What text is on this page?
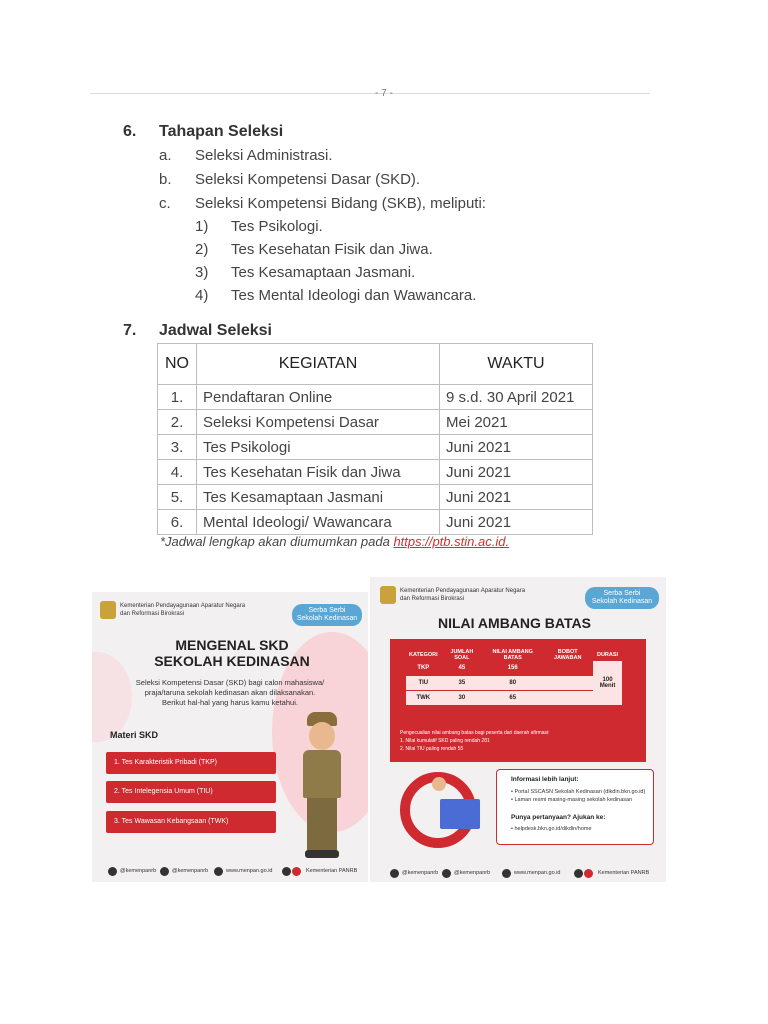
- 7 -
6. Tahapan Seleksi
a. Seleksi Administrasi.
b. Seleksi Kompetensi Dasar (SKD).
c. Seleksi Kompetensi Bidang (SKB), meliputi:
1) Tes Psikologi.
2) Tes Kesehatan Fisik dan Jiwa.
3) Tes Kesamaptaan Jasmani.
4) Tes Mental Ideologi dan Wawancara.
7. Jadwal Seleksi
NO	KEGIATAN	WAKTU
1.	Pendaftaran Online	9 s.d. 30 April 2021
2.	Seleksi Kompetensi Dasar	Mei 2021
3.	Tes Psikologi	Juni 2021
4.	Tes Kesehatan Fisik dan Jiwa	Juni 2021
5.	Tes Kesamaptaan Jasmani	Juni 2021
6.	Mental Ideologi/ Wawancara	Juni 2021
*Jadwal lengkap akan diumumkan pada https://ptb.stin.ac.id.
Kementerian Pendayagunaan Aparatur Negara
dan Reformasi Birokrasi	Serba Serbi
Sekolah Kedinasan
MENGENAL SKD
SEKOLAH KEDINASAN
Seleksi Kompetensi Dasar (SKD) bagi calon mahasiswa/
praja/taruna sekolah kedinasan akan dilaksanakan.
Berikut hal-hal yang harus kamu ketahui.
Materi SKD
1. Tes Karakteristik Pribadi (TKP)
2. Tes Intelegensia Umum (TIU)
3. Tes Wawasan Kebangsaan (TWK)
@kemenpanrb	@kemenpanrb	www.menpan.go.id	Kementerian PANRB
Kementerian Pendayagunaan Aparatur Negara
dan Reformasi Birokrasi
Serba Serbi
Sekolah Kedinasan
NILAI AMBANG BATAS
KATEGORI	JUMLAH SOAL	NILAI AMBANG BATAS	BOBOT JAWABAN	DURASI
TKP	45	156		100 Menit
TIU	35	80		
TWK	30	65		
Pengecualian nilai ambang batas bagi peserta dari daerah afirmasi:
1. Nilai kumulatif SKD paling rendah 281
2. Nilai TIU paling rendah 55
Informasi lebih lanjut:
• Portal SSCASN Sekolah Kedinasan (dikdin.bkn.go.id)
• Laman resmi masing-masing sekolah kedinasan
Punya pertanyaan? Ajukan ke:
• helpdesk.bkn.go.id/dikdin/home
@kemenpanrb	@kemenpanrb	www.menpan.go.id	Kementerian PANRB
